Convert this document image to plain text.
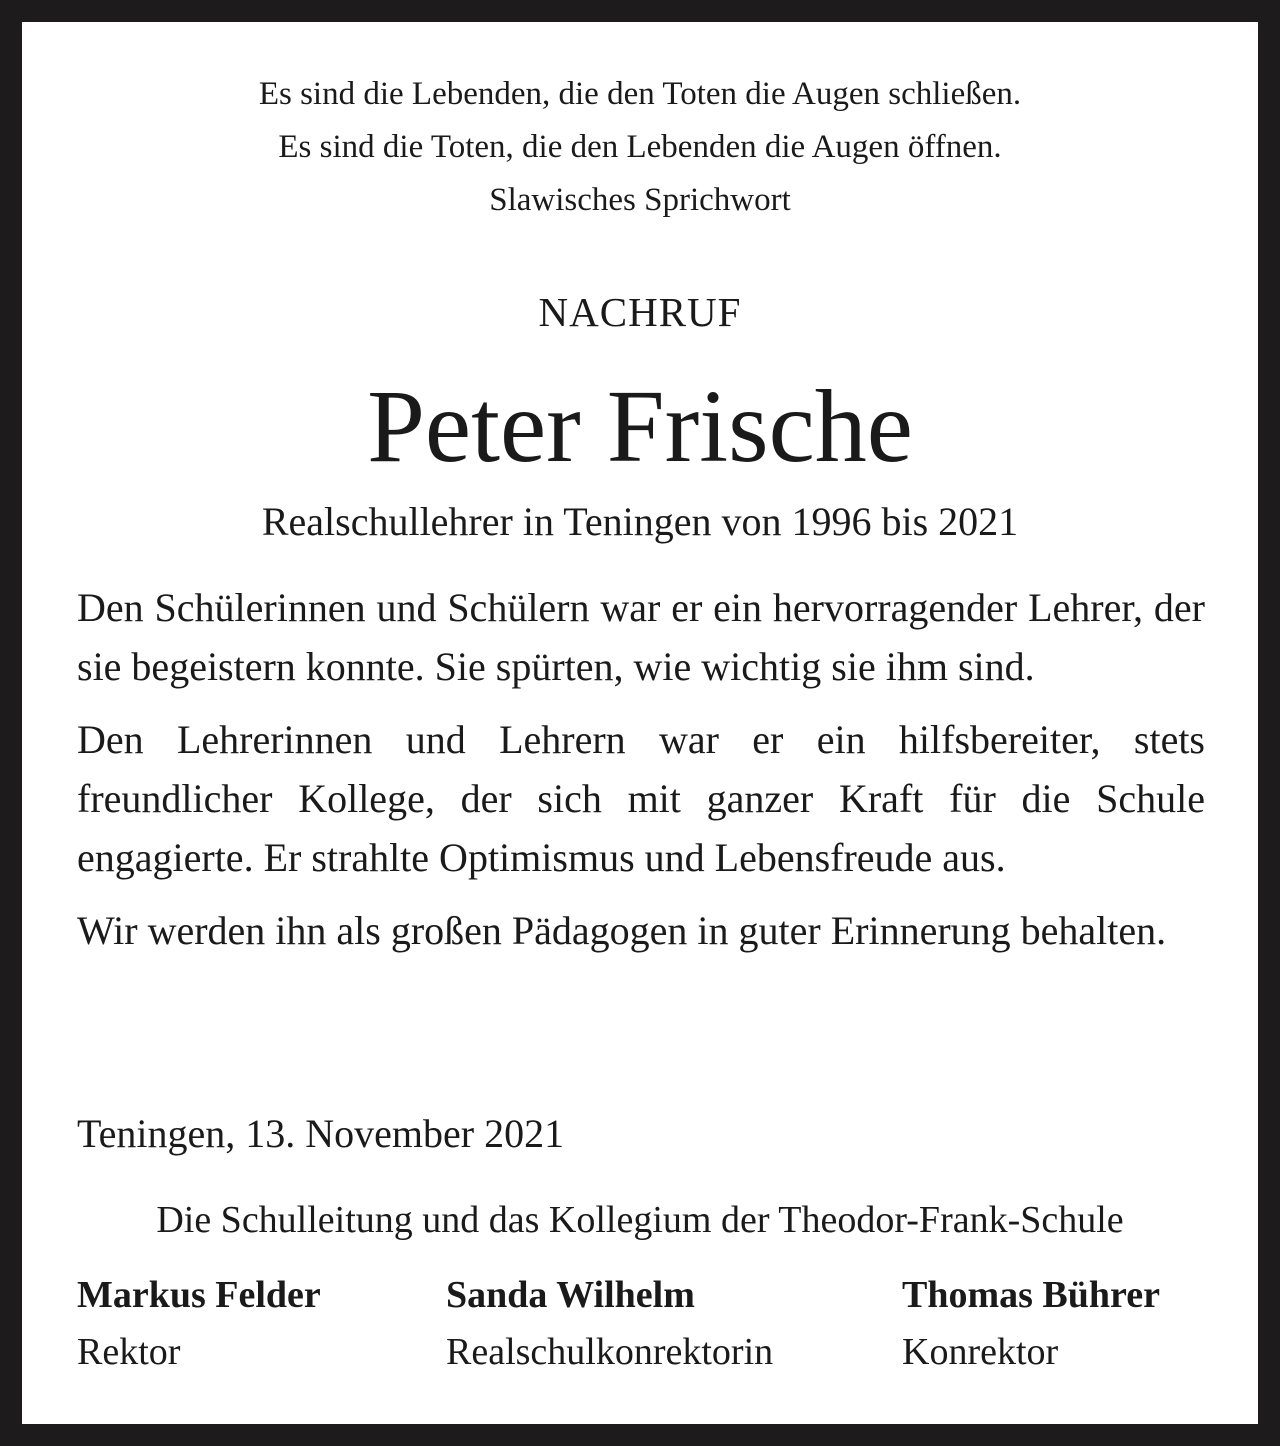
Es sind die Lebenden, die den Toten die Augen schließen.
Es sind die Toten, die den Lebenden die Augen öffnen.
Slawisches Sprichwort
NACHRUF
Peter Frische
Realschullehrer in Teningen von 1996 bis 2021

Den Schülerinnen und Schülern war er ein hervorragender Lehrer, der sie begeistern konnte. Sie spürten, wie wichtig sie ihm sind.

Den Lehrerinnen und Lehrern war er ein hilfsbereiter, stets freundlicher Kollege, der sich mit ganzer Kraft für die Schule engagierte. Er strahlte Optimismus und Lebensfreude aus.

Wir werden ihn als großen Pädagogen in guter Erinnerung behalten.

Teningen, 13. November 2021
Die Schulleitung und das Kollegium der Theodor-Frank-Schule
Markus Felder
Rektor
Sanda Wilhelm
Realschulkonrektorin
Thomas Bührer
Konrektor
